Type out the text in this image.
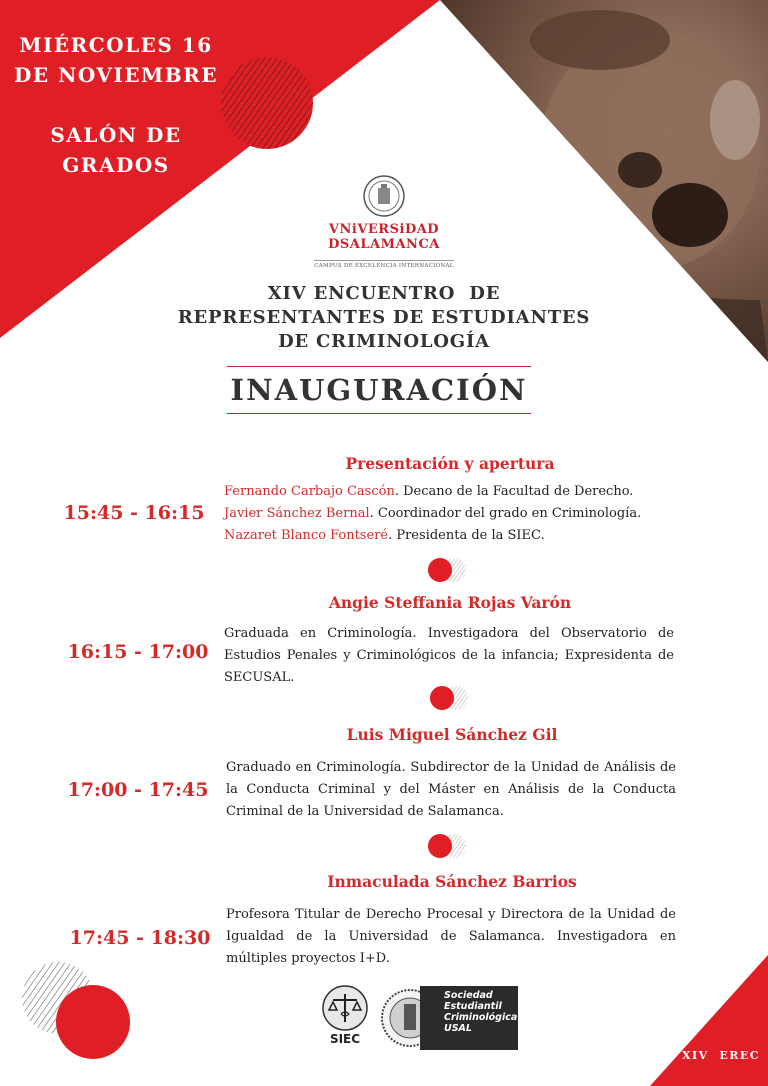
MIÉRCOLES 16
DE NOVIEMBRE
SALÓN DE
GRADOS
VNiVERSiDAD
DSALAMANCA
CAMPUS DE EXCELENCIA INTERNACIONAL
XIV ENCUENTRO  DE
REPRESENTANTES DE ESTUDIANTES
DE CRIMINOLOGÍA
INAUGURACIÓN
Presentación y apertura
15:45 - 16:15
Fernando Carbajo Cascón. Decano de la Facultad de Derecho.
Javier Sánchez Bernal. Coordinador del grado en Criminología.
Nazaret Blanco Fontseré. Presidenta de la SIEC.
Angie Steffania Rojas Varón
16:15 - 17:00
Graduada en Criminología. Investigadora del Observatorio de Estudios Penales y Criminológicos de la infancia; Expresidenta de SECUSAL.
Luis Miguel Sánchez Gil
17:00 - 17:45
Graduado en Criminología. Subdirector de la Unidad de Análisis de la Conducta Criminal y del Máster en Análisis de la Conducta Criminal de la Universidad de Salamanca.
Inmaculada Sánchez Barrios
17:45 - 18:30
Profesora Titular de Derecho Procesal y Directora de la Unidad de Igualdad de la Universidad de Salamanca. Investigadora en múltiples proyectos I+D.
SIEC
Sociedad
Estudiantil
Criminológica
USAL
XIV  EREC
